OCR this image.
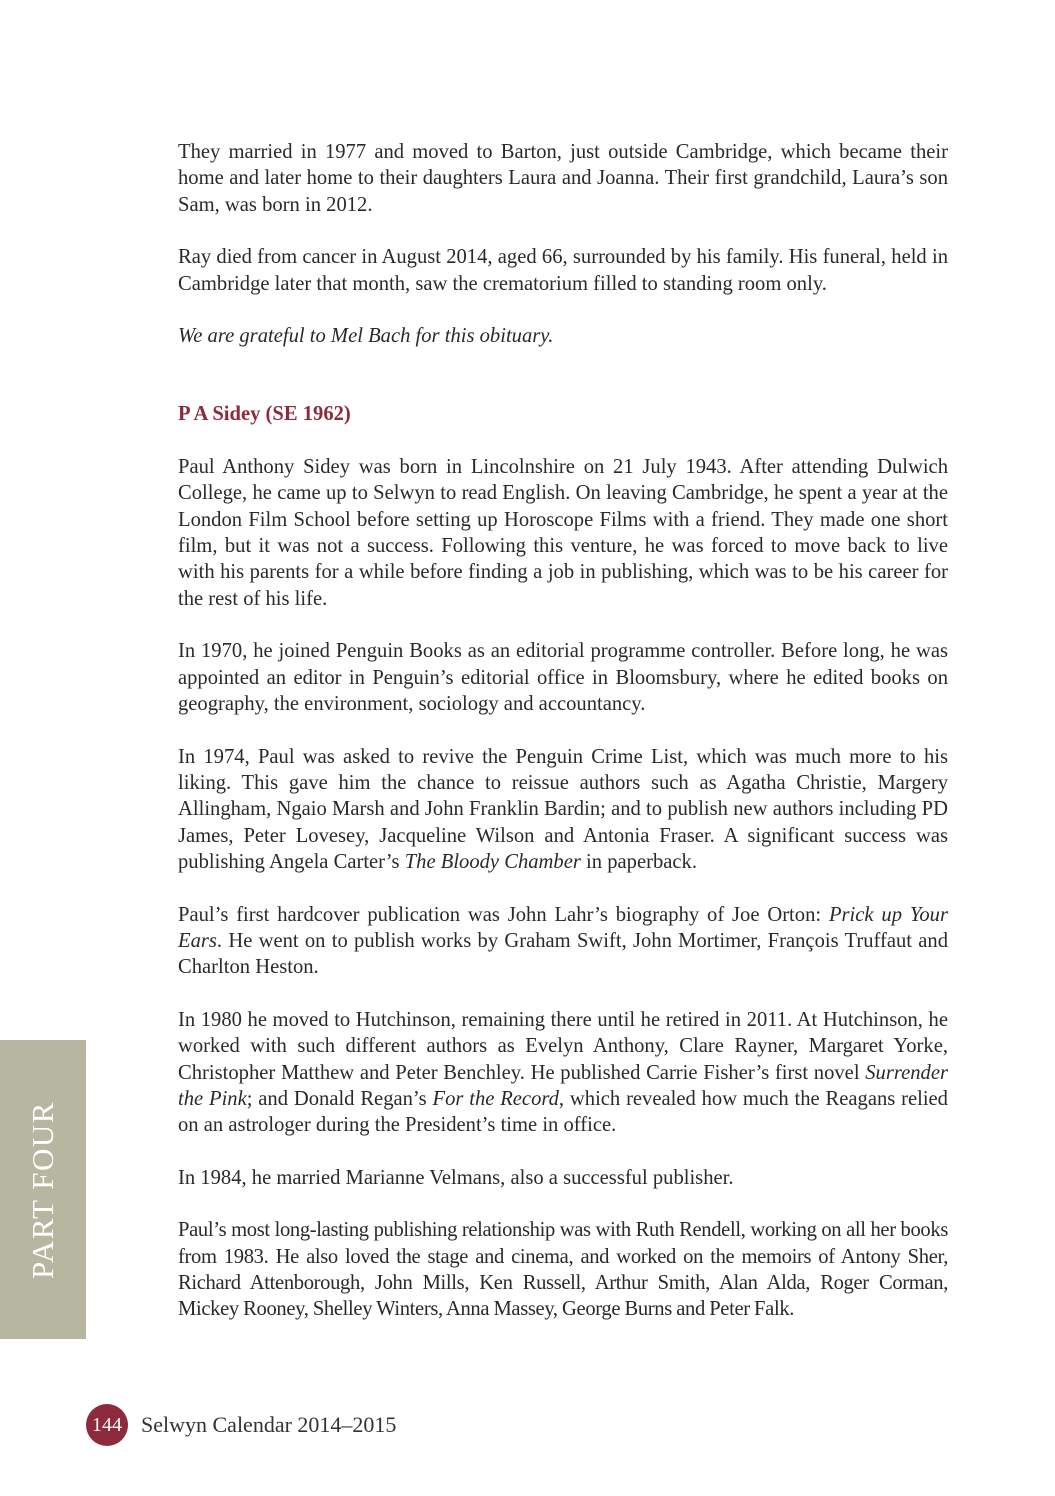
They married in 1977 and moved to Barton, just outside Cambridge, which became their home and later home to their daughters Laura and Joanna. Their first grandchild, Laura’s son Sam, was born in 2012.

Ray died from cancer in August 2014, aged 66, surrounded by his family. His funeral, held in Cambridge later that month, saw the crematorium filled to standing room only.

We are grateful to Mel Bach for this obituary.

P A Sidey (SE 1962)

Paul Anthony Sidey was born in Lincolnshire on 21 July 1943. After attending Dulwich College, he came up to Selwyn to read English. On leaving Cambridge, he spent a year at the London Film School before setting up Horoscope Films with a friend. They made one short film, but it was not a success. Following this venture, he was forced to move back to live with his parents for a while before finding a job in publishing, which was to be his career for the rest of his life.

In 1970, he joined Penguin Books as an editorial programme controller. Before long, he was appointed an editor in Penguin’s editorial office in Bloomsbury, where he edited books on geography, the environment, sociology and accountancy.

In 1974, Paul was asked to revive the Penguin Crime List, which was much more to his liking. This gave him the chance to reissue authors such as Agatha Christie, Margery Allingham, Ngaio Marsh and John Franklin Bardin; and to publish new authors including PD James, Peter Lovesey, Jacqueline Wilson and Antonia Fraser. A significant success was publishing Angela Carter’s The Bloody Chamber in paperback.

Paul’s first hardcover publication was John Lahr’s biography of Joe Orton: Prick up Your Ears. He went on to publish works by Graham Swift, John Mortimer, François Truffaut and Charlton Heston.

In 1980 he moved to Hutchinson, remaining there until he retired in 2011. At Hutchinson, he worked with such different authors as Evelyn Anthony, Clare Rayner, Margaret Yorke, Christopher Matthew and Peter Benchley. He published Carrie Fisher’s first novel Surrender the Pink; and Donald Regan’s For the Record, which revealed how much the Reagans relied on an astrologer during the President’s time in office.

In 1984, he married Marianne Velmans, also a successful publisher.

Paul’s most long-lasting publishing relationship was with Ruth Rendell, working on all her books from 1983. He also loved the stage and cinema, and worked on the memoirs of Antony Sher, Richard Attenborough, John Mills, Ken Russell, Arthur Smith, Alan Alda, Roger Corman, Mickey Rooney, Shelley Winters, Anna Massey, George Burns and Peter Falk.

PART FOUR
144 Selwyn Calendar 2014–2015
